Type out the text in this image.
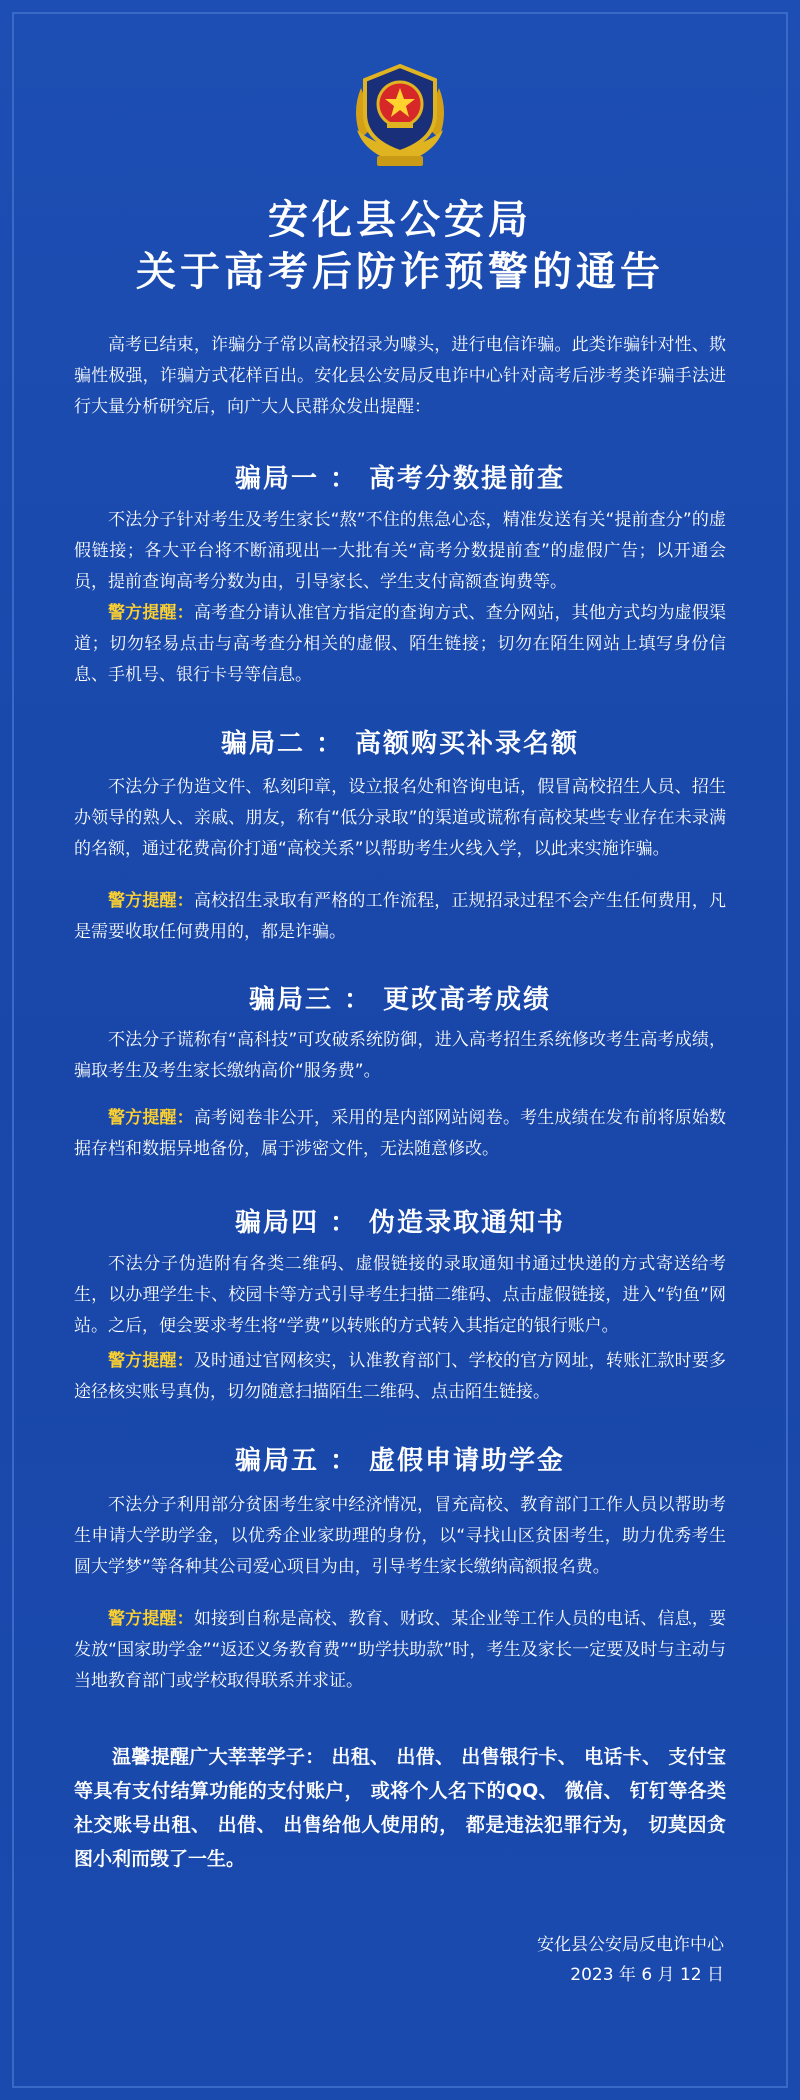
安化县公安局
关于高考后防诈预警的通告

高考已结束，诈骗分子常以高校招录为噱头，进行电信诈骗。此类诈骗针对性、欺骗性极强，诈骗方式花样百出。安化县公安局反电诈中心针对高考后涉考类诈骗手法进行大量分析研究后，向广大人民群众发出提醒：

骗局一 ： 高考分数提前查

不法分子针对考生及考生家长“熬”不住的焦急心态，精准发送有关“提前查分”的虚假链接；各大平台将不断涌现出一大批有关“高考分数提前查”的虚假广告；以开通会员，提前查询高考分数为由，引导家长、学生支付高额查询费等。

警方提醒：高考查分请认准官方指定的查询方式、查分网站，其他方式均为虚假渠道；切勿轻易点击与高考查分相关的虚假、陌生链接；切勿在陌生网站上填写身份信息、手机号、银行卡号等信息。

骗局二 ： 高额购买补录名额

不法分子伪造文件、私刻印章，设立报名处和咨询电话，假冒高校招生人员、招生办领导的熟人、亲戚、朋友，称有“低分录取”的渠道或谎称有高校某些专业存在未录满的名额，通过花费高价打通“高校关系”以帮助考生火线入学，以此来实施诈骗。

警方提醒：高校招生录取有严格的工作流程，正规招录过程不会产生任何费用，凡是需要收取任何费用的，都是诈骗。

骗局三 ： 更改高考成绩

不法分子谎称有“高科技”可攻破系统防御，进入高考招生系统修改考生高考成绩，骗取考生及考生家长缴纳高价“服务费”。

警方提醒：高考阅卷非公开，采用的是内部网站阅卷。考生成绩在发布前将原始数据存档和数据异地备份，属于涉密文件，无法随意修改。

骗局四 ： 伪造录取通知书

不法分子伪造附有各类二维码、虚假链接的录取通知书通过快递的方式寄送给考生，以办理学生卡、校园卡等方式引导考生扫描二维码、点击虚假链接，进入“钓鱼”网站。之后，便会要求考生将“学费”以转账的方式转入其指定的银行账户。

警方提醒：及时通过官网核实，认准教育部门、学校的官方网址，转账汇款时要多途径核实账号真伪，切勿随意扫描陌生二维码、点击陌生链接。

骗局五 ： 虚假申请助学金

不法分子利用部分贫困考生家中经济情况，冒充高校、教育部门工作人员以帮助考生申请大学助学金，以优秀企业家助理的身份，以“寻找山区贫困考生，助力优秀考生圆大学梦”等各种其公司爱心项目为由，引导考生家长缴纳高额报名费。

警方提醒：如接到自称是高校、教育、财政、某企业等工作人员的电话、信息，要发放“国家助学金”“返还义务教育费”“助学扶助款”时，考生及家长一定要及时与主动与当地教育部门或学校取得联系并求证。

温馨提醒广大莘莘学子： 出租、 出借、 出售银行卡、 电话卡、 支付宝等具有支付结算功能的支付账户， 或将个人名下的QQ、 微信、 钉钉等各类社交账号出租、 出借、 出售给他人使用的， 都是违法犯罪行为， 切莫因贪图小利而毁了一生。

安化县公安局反电诈中心
2023 年 6 月 12 日
